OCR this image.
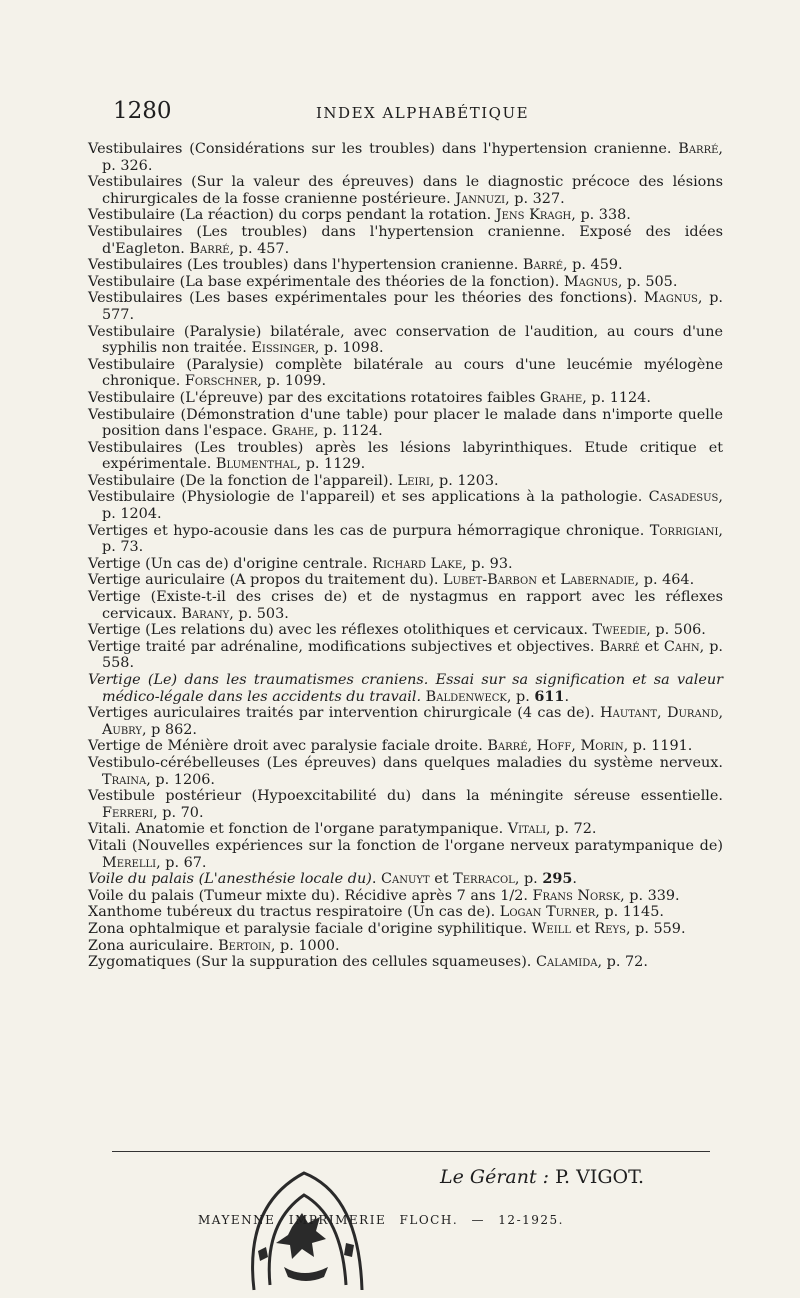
1280	INDEX ALPHABÉTIQUE
Vestibulaires (Considérations sur les troubles) dans l'hypertension cranienne. Barré, p. 326.
Vestibulaires (Sur la valeur des épreuves) dans le diagnostic précoce des lésions chirurgicales de la fosse cranienne postérieure. Jannuzi, p. 327.
Vestibulaire (La réaction) du corps pendant la rotation. Jens Kragh, p. 338.
Vestibulaires (Les troubles) dans l'hypertension cranienne. Exposé des idées d'Eagleton. Barré, p. 457.
Vestibulaires (Les troubles) dans l'hypertension cranienne. Barré, p. 459.
Vestibulaire (La base expérimentale des théories de la fonction). Magnus, p. 505.
Vestibulaires (Les bases expérimentales pour les théories des fonctions). Magnus, p. 577.
Vestibulaire (Paralysie) bilatérale, avec conservation de l'audition, au cours d'une syphilis non traitée. Eissinger, p. 1098.
Vestibulaire (Paralysie) complète bilatérale au cours d'une leucémie myélogène chronique. Forschner, p. 1099.
Vestibulaire (L'épreuve) par des excitations rotatoires faibles Grahe, p. 1124.
Vestibulaire (Démonstration d'une table) pour placer le malade dans n'importe quelle position dans l'espace. Grahe, p. 1124.
Vestibulaires (Les troubles) après les lésions labyrinthiques. Etude critique et expérimentale. Blumenthal, p. 1129.
Vestibulaire (De la fonction de l'appareil). Leiri, p. 1203.
Vestibulaire (Physiologie de l'appareil) et ses applications à la pathologie. Casadesus, p. 1204.
Vertiges et hypo-acousie dans les cas de purpura hémorragique chronique. Torrigiani, p. 73.
Vertige (Un cas de) d'origine centrale. Richard Lake, p. 93.
Vertige auriculaire (A propos du traitement du). Lubet-Barbon et Labernadie, p. 464.
Vertige (Existe-t-il des crises de) et de nystagmus en rapport avec les réflexes cervicaux. Barany, p. 503.
Vertige (Les relations du) avec les réflexes otolithiques et cervicaux. Tweedie, p. 506.
Vertige traité par adrénaline, modifications subjectives et objectives. Barré et Cahn, p. 558.
Vertige (Le) dans les traumatismes craniens. Essai sur sa signification et sa valeur médico-légale dans les accidents du travail. Baldenweck, p. 611.
Vertiges auriculaires traités par intervention chirurgicale (4 cas de). Hautant, Durand, Aubry, p 862.
Vertige de Ménière droit avec paralysie faciale droite. Barré, Hoff, Morin, p. 1191.
Vestibulo-cérébelleuses (Les épreuves) dans quelques maladies du système nerveux. Traina, p. 1206.
Vestibule postérieur (Hypoexcitabilité du) dans la méningite séreuse essentielle. Ferreri, p. 70.
Vitali. Anatomie et fonction de l'organe paratympanique. Vitali, p. 72.
Vitali (Nouvelles expériences sur la fonction de l'organe nerveux paratympanique de) Merelli, p. 67.
Voile du palais (L'anesthésie locale du). Canuyt et Terracol, p. 295.
Voile du palais (Tumeur mixte du). Récidive après 7 ans 1/2. Frans Norsk, p. 339.
Xanthome tubéreux du tractus respiratoire (Un cas de). Logan Turner, p. 1145.
Zona ophtalmique et paralysie faciale d'origine syphilitique. Weill et Reys, p. 559.
Zona auriculaire. Bertoin, p. 1000.
Zygomatiques (Sur la suppuration des cellules squameuses). Calamida, p. 72.
Le Gérant : P. VIGOT.
MAYENNE IMPRIMERIE FLOCH. — 12-1925.
